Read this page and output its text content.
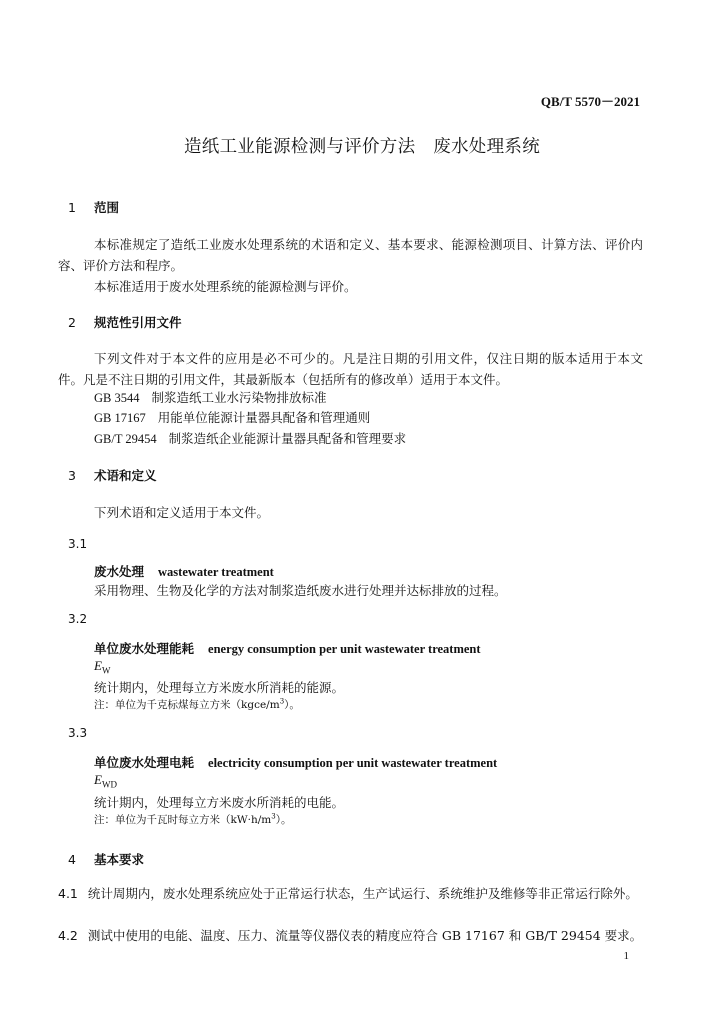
QB/T 5570－2021
造纸工业能源检测与评价方法　废水处理系统
1 范围
本标准规定了造纸工业废水处理系统的术语和定义、基本要求、能源检测项目、计算方法、评价内容、评价方法和程序。
本标准适用于废水处理系统的能源检测与评价。
2 规范性引用文件
下列文件对于本文件的应用是必不可少的。凡是注日期的引用文件，仅注日期的版本适用于本文件。凡是不注日期的引用文件，其最新版本（包括所有的修改单）适用于本文件。
GB 3544 制浆造纸工业水污染物排放标准
GB 17167 用能单位能源计量器具配备和管理通则
GB/T 29454 制浆造纸企业能源计量器具配备和管理要求
3 术语和定义
下列术语和定义适用于本文件。
3.1
废水处理 wastewater treatment
采用物理、生物及化学的方法对制浆造纸废水进行处理并达标排放的过程。
3.2
单位废水处理能耗 energy consumption per unit wastewater treatment
$E_W$
统计期内，处理每立方米废水所消耗的能源。
注：单位为千克标煤每立方米$(kgce/m^3)$。
3.3
单位废水处理电耗 electricity consumption per unit wastewater treatment
$E_{WD}$
统计期内，处理每立方米废水所消耗的电能。
注：单位为千瓦时每立方米$(kW\cdot h/m^3)$。
4 基本要求
4.1 统计周期内，废水处理系统应处于正常运行状态，生产试运行、系统维护及维修等非正常运行除外。
4.2 测试中使用的电能、温度、压力、流量等仪器仪表的精度应符合 GB 17167 和 GB/T 29454 要求。
1
